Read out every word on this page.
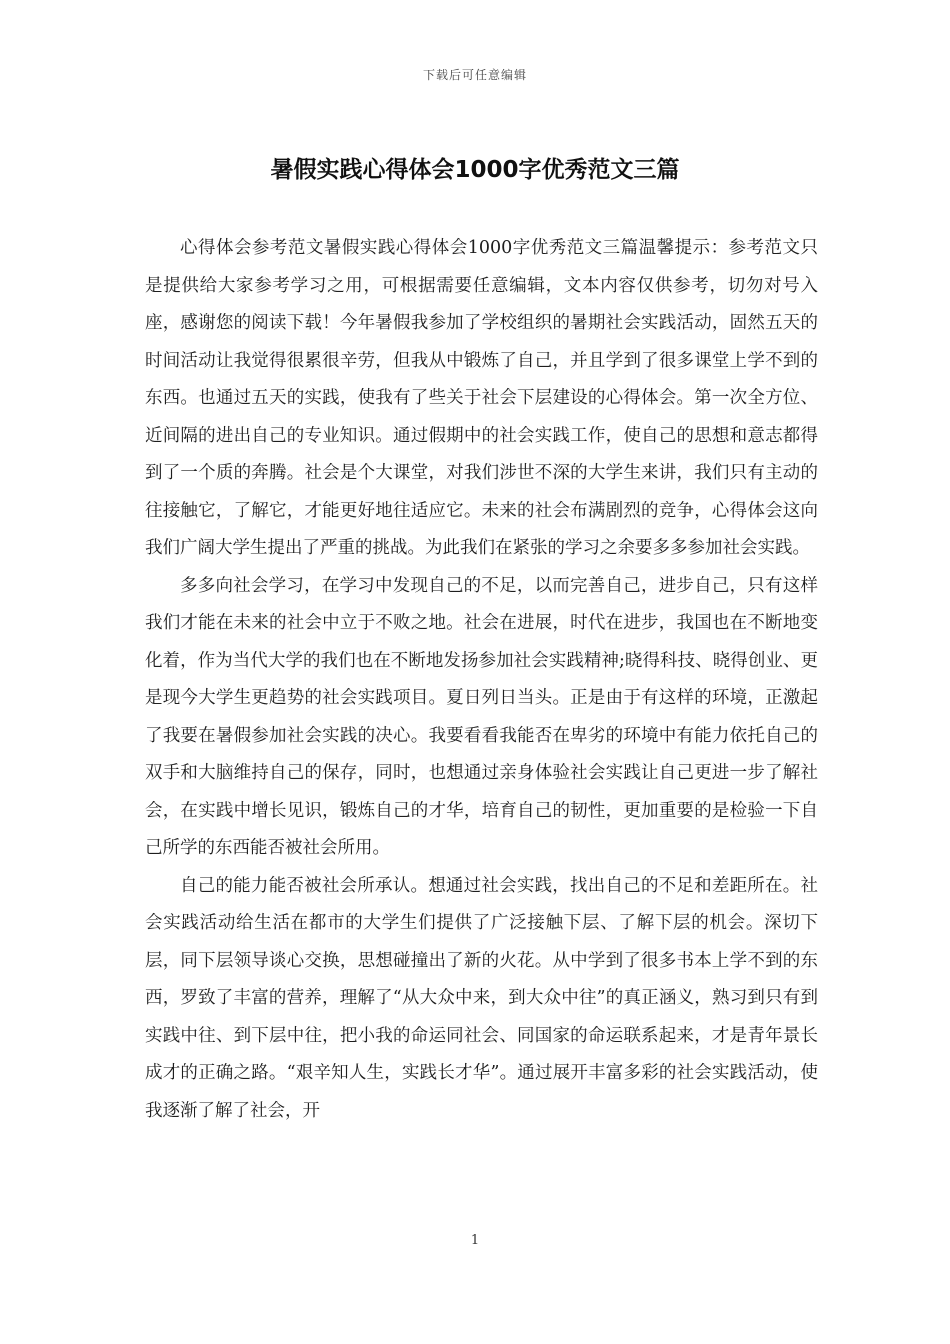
下载后可任意编辑
暑假实践心得体会1000字优秀范文三篇

心得体会参考范文暑假实践心得体会1000字优秀范文三篇温馨提示：参考范文只是提供给大家参考学习之用，可根据需要任意编辑，文本内容仅供参考，切勿对号入座，感谢您的阅读下载！今年暑假我参加了学校组织的暑期社会实践活动，固然五天的时间活动让我觉得很累很辛劳，但我从中锻炼了自己，并且学到了很多课堂上学不到的东西。也通过五天的实践，使我有了些关于社会下层建设的心得体会。第一次全方位、近间隔的进出自己的专业知识。通过假期中的社会实践工作，使自己的思想和意志都得到了一个质的奔腾。社会是个大课堂，对我们涉世不深的大学生来讲，我们只有主动的往接触它，了解它，才能更好地往适应它。未来的社会布满剧烈的竞争，心得体会这向我们广阔大学生提出了严重的挑战。为此我们在紧张的学习之余要多多参加社会实践。

多多向社会学习，在学习中发现自己的不足，以而完善自己，进步自己，只有这样我们才能在未来的社会中立于不败之地。社会在进展，时代在进步，我国也在不断地变化着，作为当代大学的我们也在不断地发扬参加社会实践精神;晓得科技、晓得创业、更是现今大学生更趋势的社会实践项目。夏日列日当头。正是由于有这样的环境，正激起了我要在暑假参加社会实践的决心。我要看看我能否在卑劣的环境中有能力依托自己的双手和大脑维持自己的保存，同时，也想通过亲身体验社会实践让自己更进一步了解社会，在实践中增长见识，锻炼自己的才华，培育自己的韧性，更加重要的是检验一下自己所学的东西能否被社会所用。

自己的能力能否被社会所承认。想通过社会实践，找出自己的不足和差距所在。社会实践活动给生活在都市的大学生们提供了广泛接触下层、了解下层的机会。深切下层，同下层领导谈心交换，思想碰撞出了新的火花。从中学到了很多书本上学不到的东西，罗致了丰富的营养，理解了“从大众中来，到大众中往”的真正涵义，熟习到只有到实践中往、到下层中往，把小我的命运同社会、同国家的命运联系起来，才是青年景长成才的正确之路。“艰辛知人生，实践长才华”。通过展开丰富多彩的社会实践活动，使我逐渐了解了社会，开

1
